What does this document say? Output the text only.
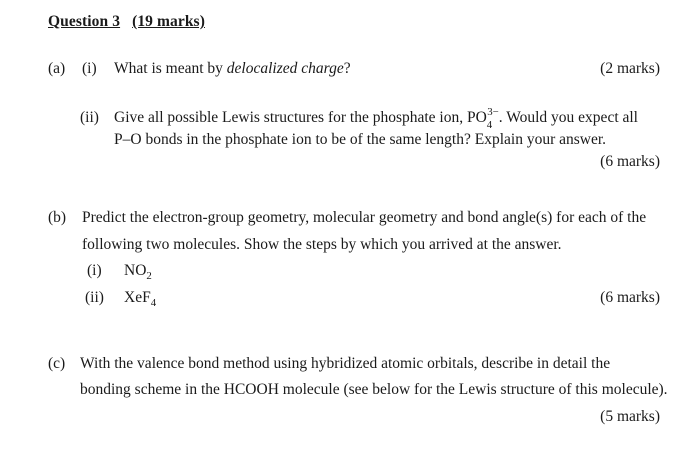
Question 3 (19 marks)
(a) (i) What is meant by delocalized charge?	(2 marks)
(ii) Give all possible Lewis structures for the phosphate ion, $PO_4^{3-}$. Would you expect all
P–O bonds in the phosphate ion to be of the same length? Explain your answer.
(6 marks)
(b) Predict the electron-group geometry, molecular geometry and bond angle(s) for each of the
following two molecules. Show the steps by which you arrived at the answer.
(i) $NO_2$
(ii) XeF$_4$	(6 marks)
(c) With the valence bond method using hybridized atomic orbitals, describe in detail the
bonding scheme in the HCOOH molecule (see below for the Lewis structure of this molecule).
(5 marks)
